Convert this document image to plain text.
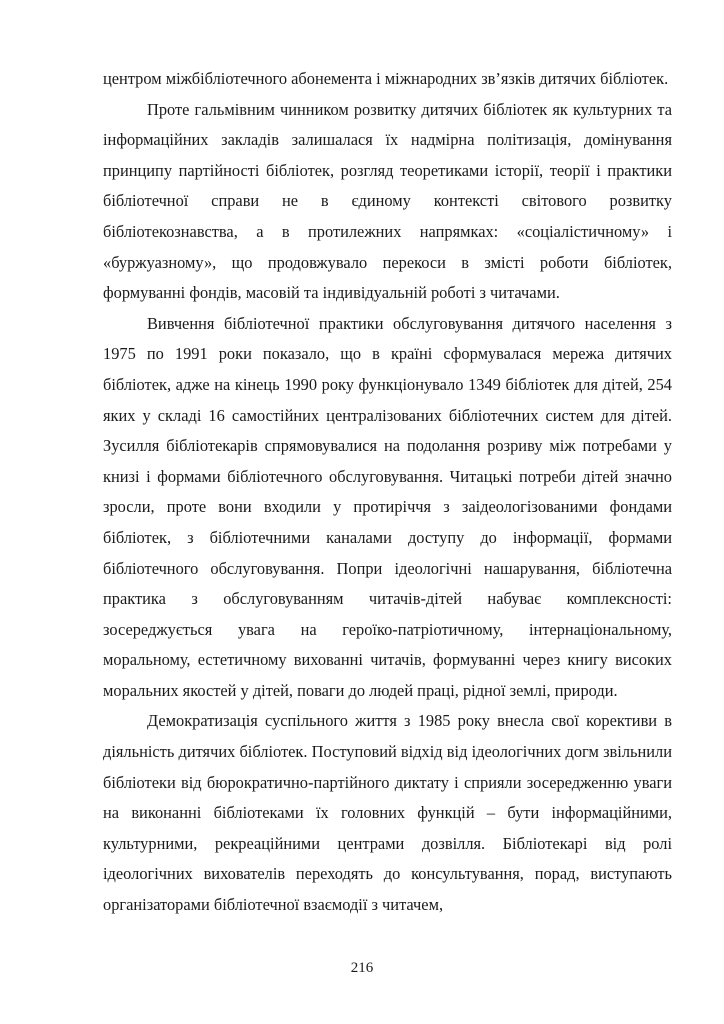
центром міжбібліотечного абонемента і міжнародних зв’язків дитячих бібліотек.

Проте гальмівним чинником розвитку дитячих бібліотек як культурних та інформаційних закладів залишалася їх надмірна політизація, домінування принципу партійності бібліотек, розгляд теоретиками історії, теорії і практики бібліотечної справи не в єдиному контексті світового розвитку бібліотекознавства, а в протилежних напрямках: «соціалістичному» і «буржуазному», що продовжувало перекоси в змісті роботи бібліотек, формуванні фондів, масовій та індивідуальній роботі з читачами.

Вивчення бібліотечної практики обслуговування дитячого населення з 1975 по 1991 роки показало, що в країні сформувалася мережа дитячих бібліотек, адже на кінець 1990 року функціонувало 1349 бібліотек для дітей, 254 яких у складі 16 самостійних централізованих бібліотечних систем для дітей. Зусилля бібліотекарів спрямовувалися на подолання розриву між потребами у книзі і формами бібліотечного обслуговування. Читацькі потреби дітей значно зросли, проте вони входили у протиріччя з заідеологізованими фондами бібліотек, з бібліотечними каналами доступу до інформації, формами бібліотечного обслуговування. Попри ідеологічні нашарування, бібліотечна практика з обслуговуванням читачів-дітей набуває комплексності: зосереджується увага на героїко-патріотичному, інтернаціональному, моральному, естетичному вихованні читачів, формуванні через книгу високих моральних якостей у дітей, поваги до людей праці, рідної землі, природи.

Демократизація суспільного життя з 1985 року внесла свої корективи в діяльність дитячих бібліотек. Поступовий відхід від ідеологічних догм звільнили бібліотеки від бюрократично-партійного диктату і сприяли зосередженню уваги на виконанні бібліотеками їх головних функцій – бути інформаційними, культурними, рекреаційними центрами дозвілля. Бібліотекарі від ролі ідеологічних вихователів переходять до консультування, порад, виступають організаторами бібліотечної взаємодії з читачем,

216
